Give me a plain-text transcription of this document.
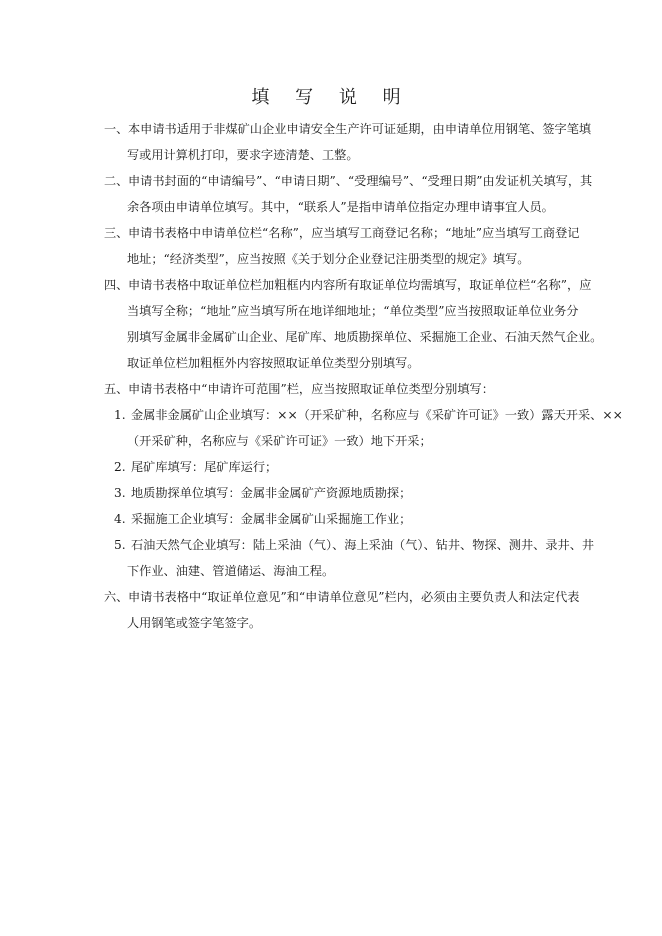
填 写 说 明
一、 本申请书适用于非煤矿山企业申请安全生产许可证延期，由申请单位用钢笔、签字笔填
写或用计算机打印，要求字迹清楚、工整。
二、 申请书封面的“申请编号”、“申请日期”、“受理编号”、“受理日期”由发证机关填写，其
余各项由申请单位填写。其中，“联系人”是指申请单位指定办理申请事宜人员。
三、 申请书表格中申请单位栏“名称”，应当填写工商登记名称；“地址”应当填写工商登记
地址；“经济类型”，应当按照《关于划分企业登记注册类型的规定》填写。
四、 申请书表格中取证单位栏加粗框内内容所有取证单位均需填写，取证单位栏“名称”，应
当填写全称；“地址”应当填写所在地详细地址；“单位类型”应当按照取证单位业务分
别填写金属非金属矿山企业、尾矿库、地质勘探单位、采掘施工企业、石油天然气企业。
取证单位栏加粗框外内容按照取证单位类型分别填写。
五、 申请书表格中“申请许可范围”栏，应当按照取证单位类型分别填写：
1. 金属非金属矿山企业填写：××（开采矿种，名称应与《采矿许可证》一致）露天开采、××
（开采矿种，名称应与《采矿许可证》一致）地下开采；
2. 尾矿库填写：尾矿库运行；
3. 地质勘探单位填写：金属非金属矿产资源地质勘探；
4. 采掘施工企业填写：金属非金属矿山采掘施工作业；
5. 石油天然气企业填写：陆上采油（气）、海上采油（气）、钻井、物探、测井、录井、井
下作业、油建、管道储运、海油工程。
六、 申请书表格中“取证单位意见”和“申请单位意见”栏内，必须由主要负责人和法定代表
人用钢笔或签字笔签字。
